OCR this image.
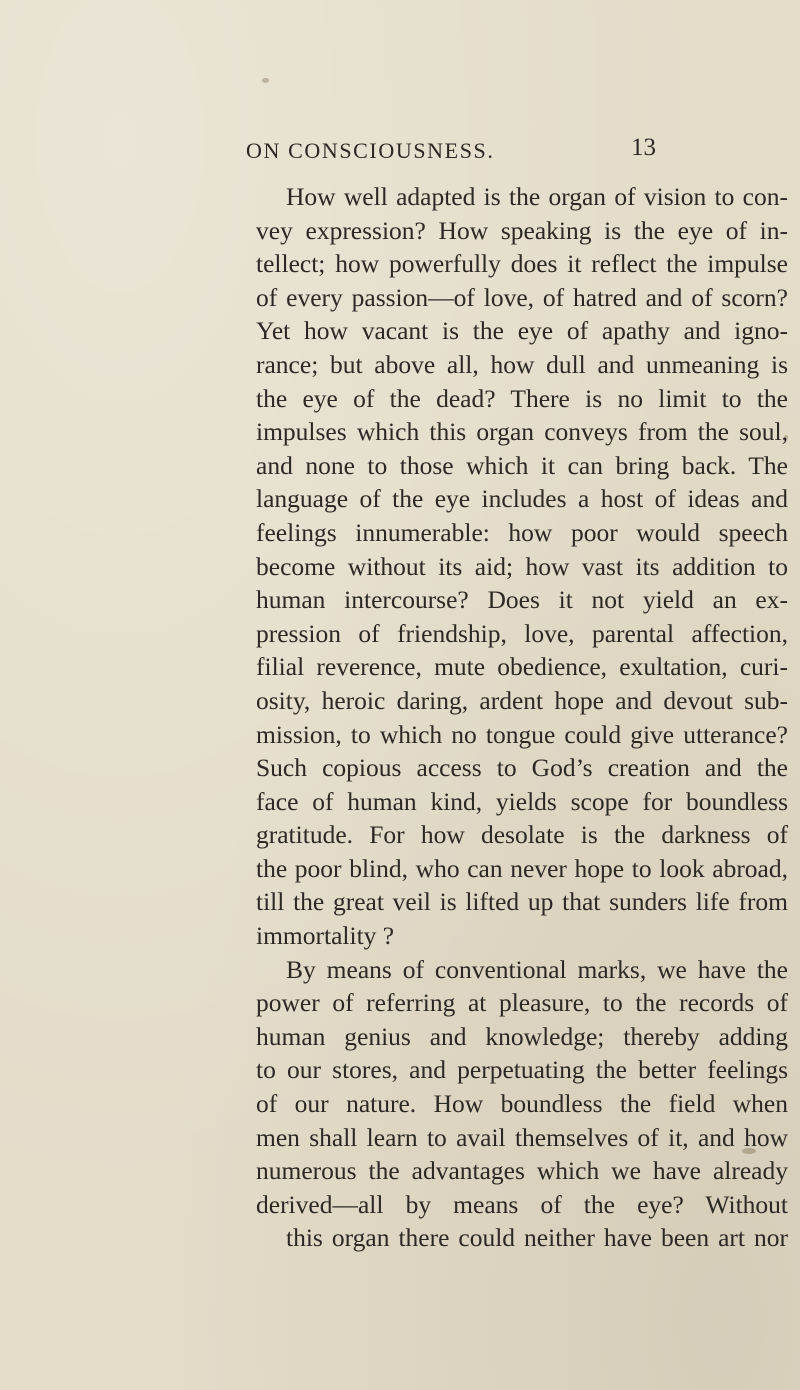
ON CONSCIOUSNESS.	13
How well adapted is the organ of vision to con-
vey expression? How speaking is the eye of in-
tellect; how powerfully does it reflect the impulse
of every passion—of love, of hatred and of scorn?
Yet how vacant is the eye of apathy and igno-
rance; but above all, how dull and unmeaning is
the eye of the dead? There is no limit to the
impulses which this organ conveys from the soul,
and none to those which it can bring back. The
language of the eye includes a host of ideas and
feelings innumerable: how poor would speech
become without its aid; how vast its addition to
human intercourse? Does it not yield an ex-
pression of friendship, love, parental affection,
filial reverence, mute obedience, exultation, curi-
osity, heroic daring, ardent hope and devout sub-
mission, to which no tongue could give utterance?
Such copious access to God’s creation and the
face of human kind, yields scope for boundless
gratitude. For how desolate is the darkness of
the poor blind, who can never hope to look abroad,
till the great veil is lifted up that sunders life from
immortality ?
By means of conventional marks, we have the
power of referring at pleasure, to the records of
human genius and knowledge; thereby adding
to our stores, and perpetuating the better feelings
of our nature. How boundless the field when
men shall learn to avail themselves of it, and how
numerous the advantages which we have already
derived—all by means of the eye? Without
this organ there could neither have been art nor
